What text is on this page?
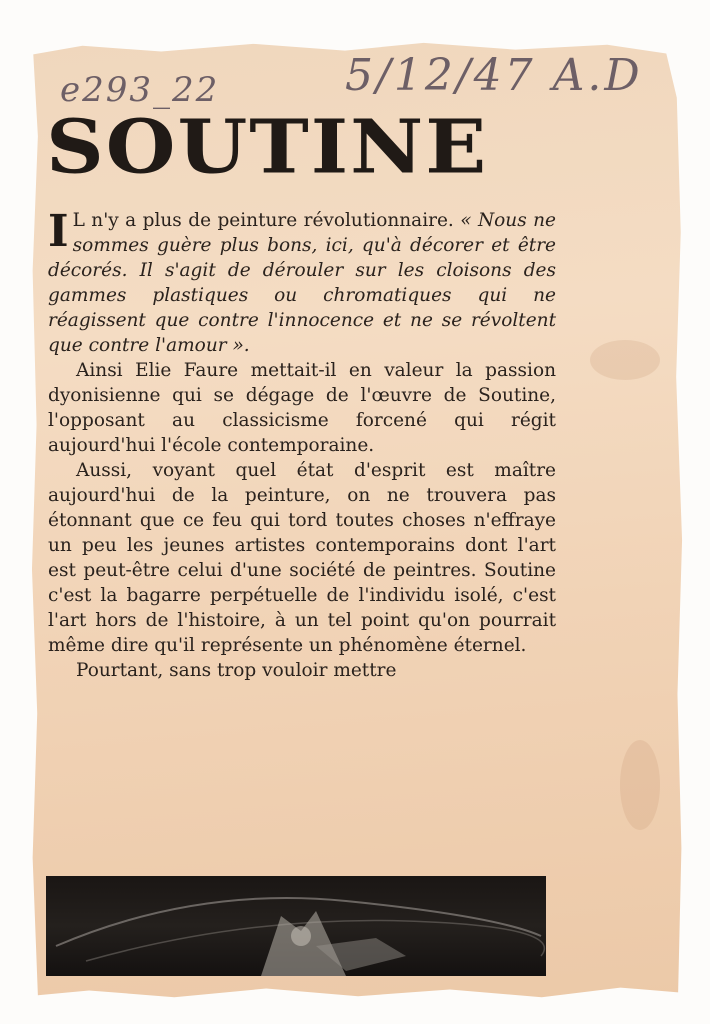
e293_22	5/12/47 A.D
SOUTINE

I L n'y a plus de peinture révolutionnaire. « Nous ne sommes guère plus bons, ici, qu'à décorer et être décorés. Il s'agit de dérouler sur les cloisons des gammes plastiques ou chromatiques qui ne réagissent que contre l'innocence et ne se révoltent que contre l'amour ».

Ainsi Elie Faure mettait-il en valeur la passion dyonisienne qui se dégage de l'œuvre de Soutine, l'opposant au classicisme forcené qui régit aujourd'hui l'école contemporaine.

Aussi, voyant quel état d'esprit est maître aujourd'hui de la peinture, on ne trouvera pas étonnant que ce feu qui tord toutes choses n'effraye un peu les jeunes artistes contemporains dont l'art est peut-être celui d'une société de peintres. Soutine c'est la bagarre perpétuelle de l'individu isolé, c'est l'art hors de l'histoire, à un tel point qu'on pourrait même dire qu'il représente un phénomène éternel.

Pourtant, sans trop vouloir mettre
